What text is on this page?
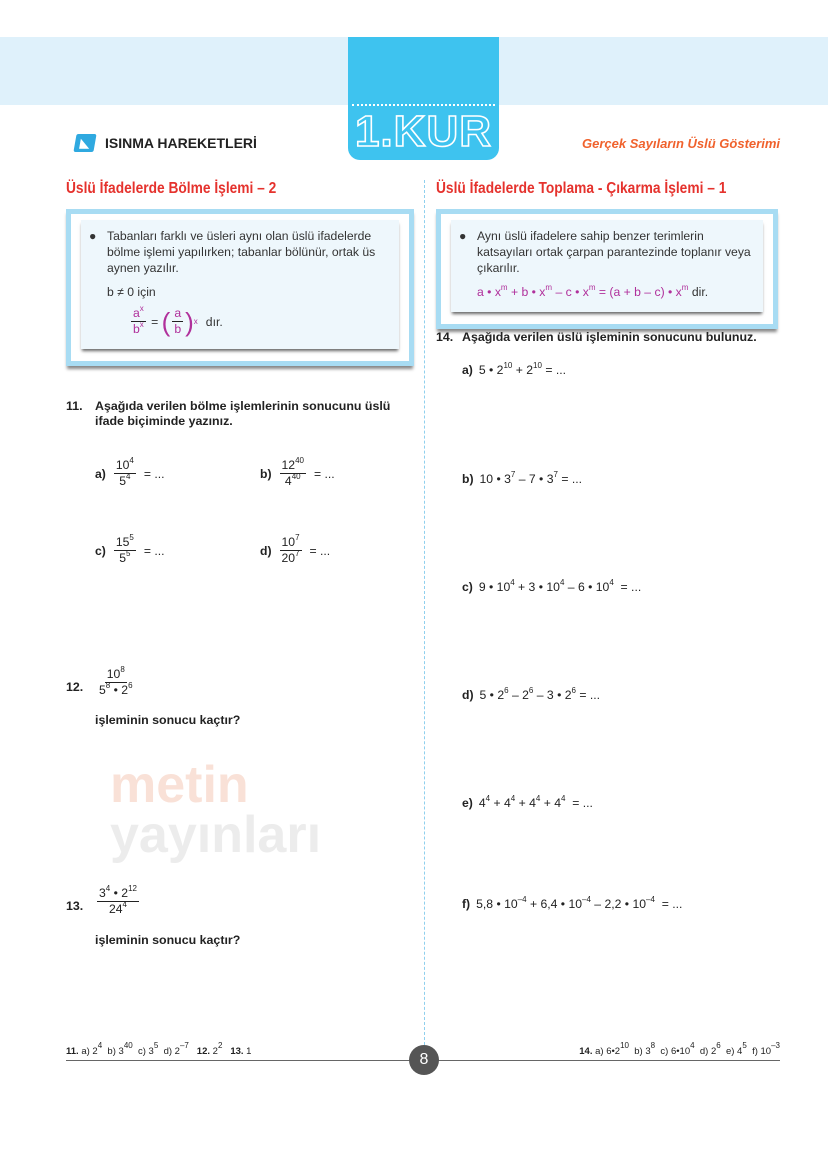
1.KUR
◣	ISINMA HAREKETLERİ	Gerçek Sayıların Üslü Gösterimi
metin
yayınları
Üslü İfadelerde Bölme İşlemi – 2	Üslü İfadelerde Toplama - Çıkarma İşlemi – 1
● Tabanları farklı ve üsleri aynı olan üslü ifadelerde bölme işlemi yapılırken; tabanlar bölünür, ortak üs aynen yazılır.
b ≠ 0 için
$\frac{a^x}{b^x}$ = ( $\frac{a}{b}$ ) x dır.
● Aynı üslü ifadelere sahip benzer terimlerin katsayıları ortak çarpan parantezinde toplanır veya çıkarılır.
a • $x^m + b$ • $x^m$ – c • $x^m = (a + b - c)$ • $x^m$ dir.
11. Aşağıda verilen bölme işlemlerinin sonucunu üslü ifade biçiminde yazınız.
$a) \frac{10^4}{5^4}$ = ...	$b) \frac{12^{40}}{4^{40}}$ = ...
$c) \frac{15^5}{5^5}$ = ...	$d) \frac{10^7}{20^7}$ = ...
12. $\frac{10^8}{5^8 • 2^6}$
işleminin sonucu kaçtır?
13. $\frac{3^4 • 2^{12}}{24^4}$
işleminin sonucu kaçtır?
14. Aşağıda verilen üslü işleminin sonucunu bulunuz.
a) 5 • $2^{10} + 2^{10}$ = ...
b) 10 • $3^7 - 7$ • $3^7$ = ...
c) 9 • $10^4 + 3$ • $10^4 - 6$ • $10^4$  = ...
d) 5 • $2^6 - 2^6 - 3$ • $2^6$ = ...
e) $4^4 + 4^4 + 4^4 + 4^4$  = ...
f) 5,8 • $10^{-4} + 6,4$ • $10^{-4} - 2,2$ • $10^{-4}$  = ...
11. a) $2^4$  b) $3^{40}$  c) $3^5$  d) $2^{-7}$   12. $2^2$   13. 1	14. a) $6•2^{10}$  b) $3^8$  c) $6•10^4$  d) $2^6$  e) $4^5$  f) $10^{-3}$
8
